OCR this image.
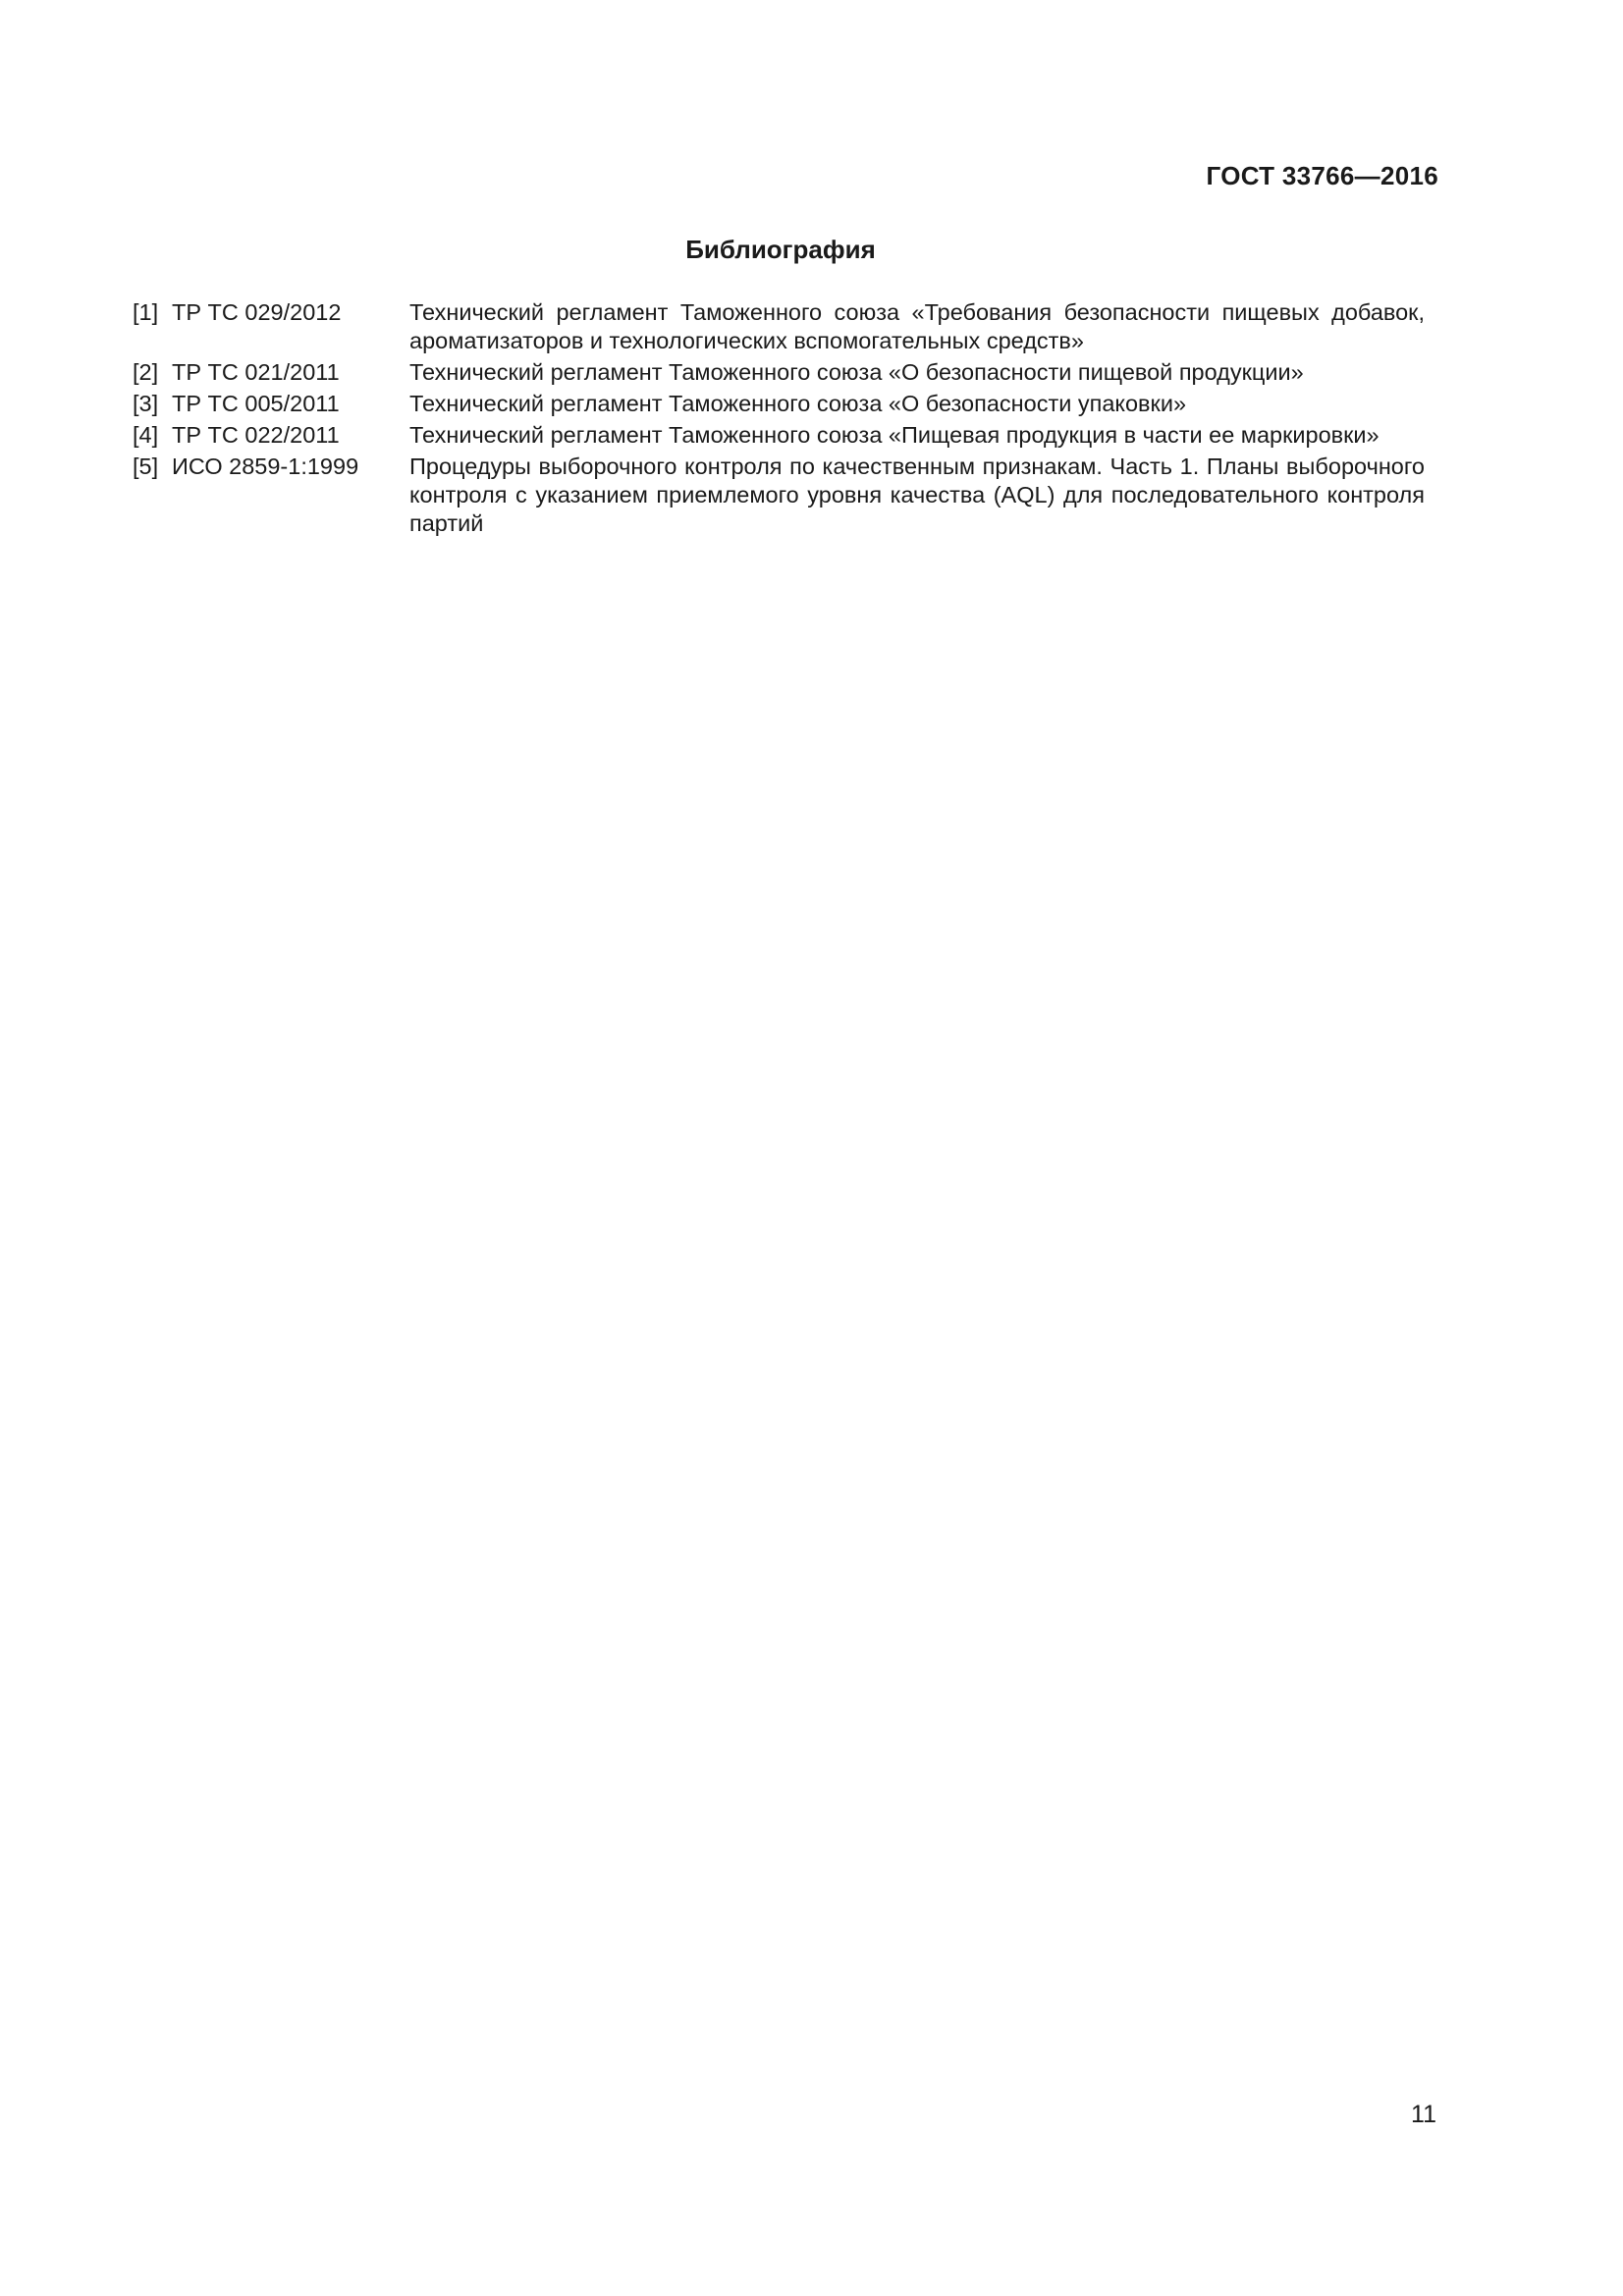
ГОСТ 33766—2016

Библиография
[1] ТР ТС 029/2012	Технический регламент Таможенного союза «Требования безопасности пищевых добавок, ароматизаторов и технологических вспомогательных средств»
[2] ТР ТС 021/2011	Технический регламент Таможенного союза «О безопасности пищевой продукции»
[3] ТР ТС 005/2011	Технический регламент Таможенного союза «О безопасности упаковки»
[4] ТР ТС 022/2011	Технический регламент Таможенного союза «Пищевая продукция в части ее маркировки»
[5] ИСО 2859-1:1999	Процедуры выборочного контроля по качественным признакам. Часть 1. Планы выборочного контроля с указанием приемлемого уровня качества (AQL) для последовательного контроля партий

11
